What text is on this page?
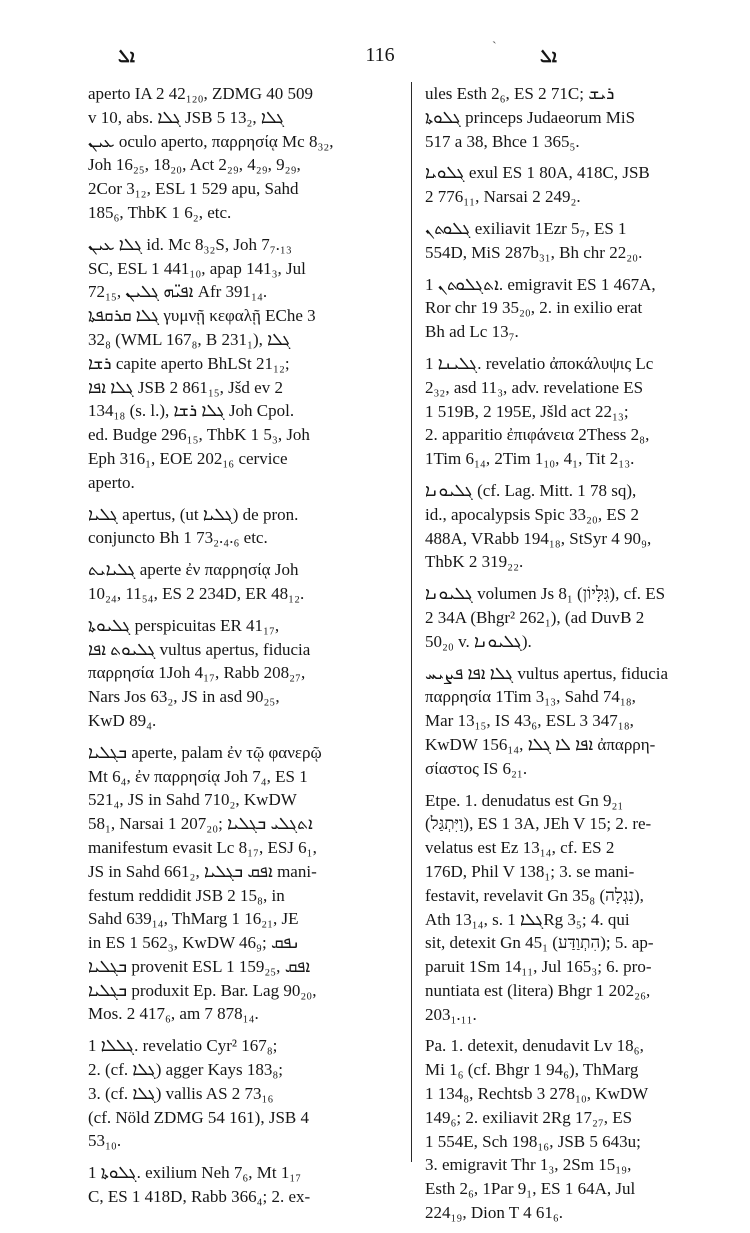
ܐܠ	116	ˋ ܐܠ
aperto IA 2 42₁₂₀, ZDMG 40 509
v 10, abs. ܓܠܐ JSB 5 13₂, ܓܠܐ
ܥܝܢ oculo aperto, παρρησίᾳ Mc 8₃₂,
Joh 16₂₅, 18₂₀, Act 2₂₉, 4₂₉, 9₂₉,
2Cor 3₁₂, ESL 1 529 apu, Sahd
185₆, ThbK 1 6₂, etc.
ܓܠܐ ܥܝܢ id. Mc 8₃₂S, Joh 7₇.₁₃
SC, ESL 1 441₁₀, apap 141₃, Jul
72₁₅, ܐܦܝ̈ܗ ܓܠܝܢ Afr 391₁₄.
ܓܠܐ ܩܪܩܦܬܐ γυμνῇ κεφαλῇ EChe 3
32₈ (WML 167₈, B 231₁), ܓܠܐ
ܪܫܐ capite aperto BhLSt 21₁₂;
ܓܠܐ ܐܦܐ JSB 2 861₁₅, Jšd ev 2
134₁₈ (s. l.), ܓܠܐ ܪܫܐ Joh Cpol.
ed. Budge 296₁₅, ThbK 1 5₃, Joh
Eph 316₁, EOE 202₁₆ cervice
aperto.
ܓܠܝܐ apertus, (ut ܓܠܝܐ) de pron.
conjuncto Bh 1 73₂.₄.₆ etc.
ܓܠܝܐܝܬ aperte ἐν παρρησίᾳ Joh
10₂₄, 11₅₄, ES 2 234D, ER 48₁₂.
ܓܠܝܘܬܐ perspicuitas ER 41₁₇,
ܓܠܝܘܬ ܐܦܐ vultus apertus, fiducia
παρρησία 1Joh 4₁₇, Rabb 208₂₇,
Nars Jos 63₂, JS in asd 90₂₅,
KwD 89₄.
ܒܓܠܝܐ aperte, palam ἐν τῷ φανερῷ
Mt 6₄, ἐν παρρησίᾳ Joh 7₄, ES 1
521₄, JS in Sahd 710₂, KwDW
58₁, Narsai 1 207₂₀; ܐܬܓܠܝ ܒܓܠܝܐ
manifestum evasit Lc 8₁₇, ESJ 6₁,
JS in Sahd 661₂, ܐܦܩ ܒܓܠܝܐ mani-
festum reddidit JSB 2 15₈, in
Sahd 639₁₄, ThMarg 1 16₂₁, JE
in ES 1 562₃, KwDW 46₉; ܢܦܩ
ܒܓܠܝܐ provenit ESL 1 159₂₅, ܐܦܩ
ܒܓܠܝܐ produxit Ep. Bar. Lag 90₂₀,
Mos. 2 417₆, am 7 878₁₄.
ܓܠܠܐ 1. revelatio Cyr² 167₈;
2. (cf. ܓܠܐ) agger Kays 183₈;
3. (cf. ܓܠܐ) vallis AS 2 73₁₆
(cf. Nöld ZDMG 54 161), JSB 4
53₁₀.
ܓܠܘܬܐ 1. exilium Neh 7₆, Mt 1₁₇
C, ES 1 418D, Rabb 366₄; 2. ex-
ules Esth 2₆, ES 2 71C; ܪܝܫ
ܓܠܘܬܐ princeps Judaeorum MiS
517 a 38, Bhce 1 365₅.
ܓܠܘܝܐ exul ES 1 80A, 418C, JSB
2 776₁₁, Narsai 2 249₂.
ܓܠܘܬܢ exiliavit 1Ezr 5₇, ES 1
554D, MiS 287b₃₁, Bh chr 22₂₀.
ܐܬܓܠܘܬܢ 1. emigravit ES 1 467A,
Ror chr 19 35₂₀, 2. in exilio erat
Bh ad Lc 13₇.
ܓܠܝܢܐ 1. revelatio ἀποκάλυψις Lc
2₃₂, asd 11₃, adv. revelatione ES
1 519B, 2 195E, Jšld act 22₁₃;
2. apparitio ἐπιφάνεια 2Thess 2₈,
1Tim 6₁₄, 2Tim 1₁₀, 4₁, Tit 2₁₃.
ܓܠܝܘܢܐ (cf. Lag. Mitt. 1 78 sq),
id., apocalypsis Spic 33₂₀, ES 2
488A, VRabb 194₁₈, StSyr 4 90₉,
ThbK 2 319₂₂.
ܓܠܝܘܢܐ volumen Js 8₁ (גִּלָּיוֹן), cf. ES
2 34A (Bhgr² 262₁), (ad DuvB 2
50₂₀ v. ܓܠܝܘܢܐ).
ܓܠܐ ܐܦܐ ܦܨܝܚ vultus apertus, fiducia
παρρησία 1Tim 3₁₃, Sahd 74₁₈,
Mar 13₁₅, IS 43₆, ESL 3 347₁₈,
KwDW 156₁₄, ܐܦܐ ܠܐ ܓܠܐ ἀπαρρη-
σίαστος IS 6₂₁.
Etpe. 1. denudatus est Gn 9₂₁
(וַיִּתְגַּל), ES 1 3A, JEh V 15; 2. re-
velatus est Ez 13₁₄, cf. ES 2
176D, Phil V 138₁; 3. se mani-
festavit, revelavit Gn 35₈ (נִגְלָה),
Ath 13₁₄, s. ܓܠܐ 1Rg 3₅; 4. qui
sit, detexit Gn 45₁ (הִתְוַדַּע); 5. ap-
paruit 1Sm 14₁₁, Jul 165₃; 6. pro-
nuntiata est (litera) Bhgr 1 202₂₆,
203₁.₁₁.
Pa. 1. detexit, denudavit Lv 18₆,
Mi 1₆ (cf. Bhgr 1 94₆), ThMarg
1 134₈, Rechtsb 3 278₁₀, KwDW
149₆; 2. exiliavit 2Rg 17₂₇, ES
1 554E, Sch 198₁₆, JSB 5 643u;
3. emigravit Thr 1₃, 2Sm 15₁₉,
Esth 2₆, 1Par 9₁, ES 1 64A, Jul
224₁₉, Dion T 4 61₆.
